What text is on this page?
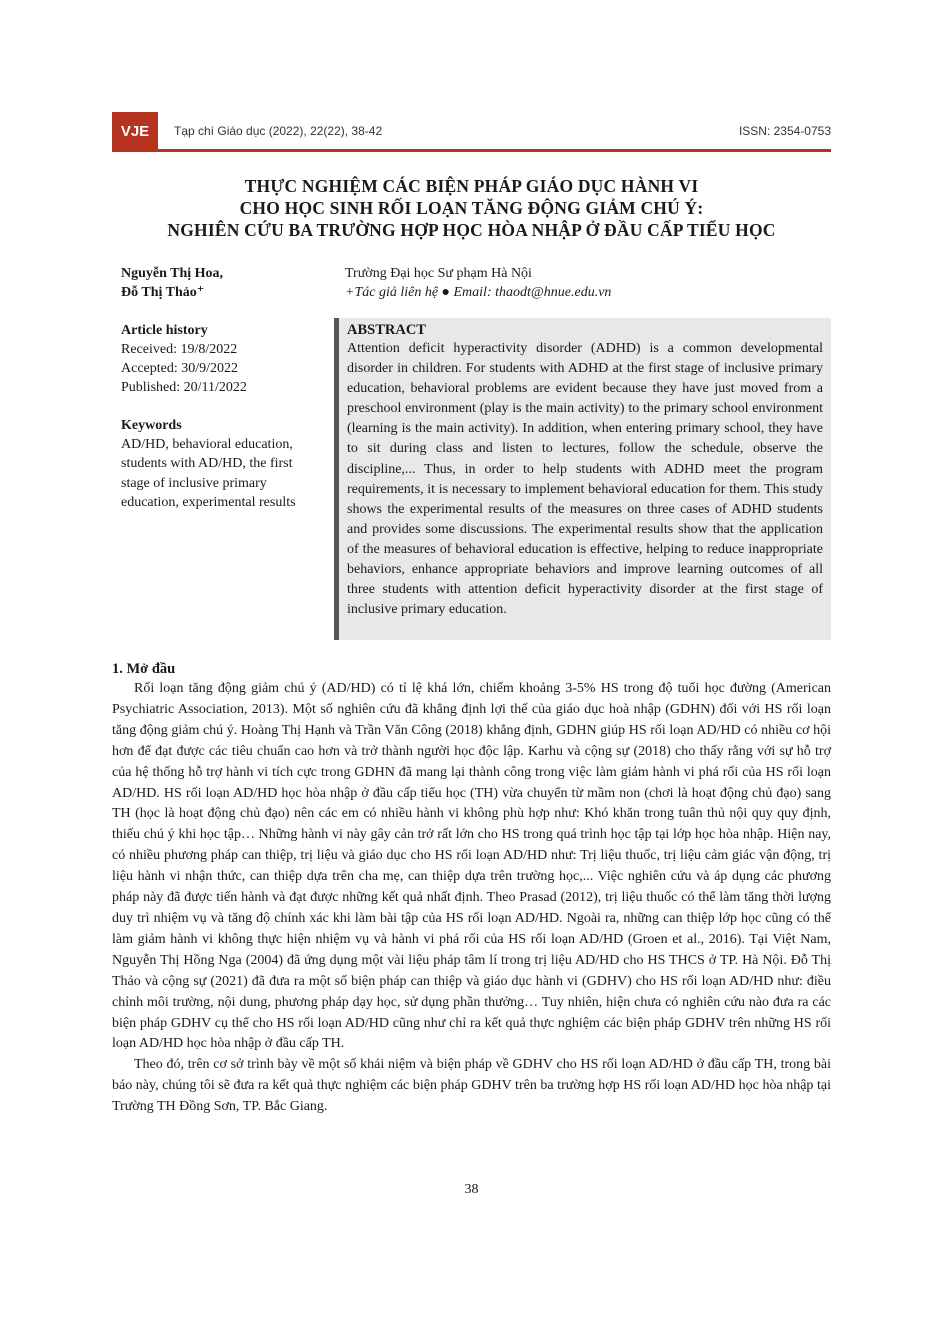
VJE	Tạp chí Giáo dục (2022), 22(22), 38-42	ISSN: 2354-0753
THỰC NGHIỆM CÁC BIỆN PHÁP GIÁO DỤC HÀNH VI
CHO HỌC SINH RỐI LOẠN TĂNG ĐỘNG GIẢM CHÚ Ý:
NGHIÊN CỨU BA TRƯỜNG HỢP HỌC HÒA NHẬP Ở ĐẦU CẤP TIỂU HỌC
Nguyễn Thị Hoa,
Đỗ Thị Thảo⁺
Trường Đại học Sư phạm Hà Nội
+Tác giả liên hệ ● Email: thaodt@hnue.edu.vn
Article history
Received: 19/8/2022
Accepted: 30/9/2022
Published: 20/11/2022
Keywords
AD/HD, behavioral education, students with AD/HD, the first stage of inclusive primary education, experimental results
ABSTRACT
Attention deficit hyperactivity disorder (ADHD) is a common developmental disorder in children. For students with ADHD at the first stage of inclusive primary education, behavioral problems are evident because they have just moved from a preschool environment (play is the main activity) to the primary school environment (learning is the main activity). In addition, when entering primary school, they have to sit during class and listen to lectures, follow the schedule, observe the discipline,... Thus, in order to help students with ADHD meet the program requirements, it is necessary to implement behavioral education for them. This study shows the experimental results of the measures on three cases of ADHD students and provides some discussions. The experimental results show that the application of the measures of behavioral education is effective, helping to reduce inappropriate behaviors, enhance appropriate behaviors and improve learning outcomes of all three students with attention deficit hyperactivity disorder at the first stage of inclusive primary education.
1. Mở đầu

Rối loạn tăng động giảm chú ý (AD/HD) có tỉ lệ khá lớn, chiếm khoảng 3-5% HS trong độ tuổi học đường (American Psychiatric Association, 2013). Một số nghiên cứu đã khẳng định lợi thế của giáo dục hoà nhập (GDHN) đối với HS rối loạn tăng động giảm chú ý. Hoàng Thị Hạnh và Trần Văn Công (2018) khẳng định, GDHN giúp HS rối loạn AD/HD có nhiều cơ hội hơn để đạt được các tiêu chuẩn cao hơn và trở thành người học độc lập. Karhu và cộng sự (2018) cho thấy rằng với sự hỗ trợ của hệ thống hỗ trợ hành vi tích cực trong GDHN đã mang lại thành công trong việc làm giảm hành vi phá rối của HS rối loạn AD/HD. HS rối loạn AD/HD học hòa nhập ở đầu cấp tiểu học (TH) vừa chuyển từ mầm non (chơi là hoạt động chủ đạo) sang TH (học là hoạt động chủ đạo) nên các em có nhiều hành vi không phù hợp như: Khó khăn trong tuân thủ nội quy quy định, thiếu chú ý khi học tập… Những hành vi này gây cản trở rất lớn cho HS trong quá trình học tập tại lớp học hòa nhập. Hiện nay, có nhiều phương pháp can thiệp, trị liệu và giáo dục cho HS rối loạn AD/HD như: Trị liệu thuốc, trị liệu cảm giác vận động, trị liệu hành vi nhận thức, can thiệp dựa trên cha mẹ, can thiệp dựa trên trường học,... Việc nghiên cứu và áp dụng các phương pháp này đã được tiến hành và đạt được những kết quả nhất định. Theo Prasad (2012), trị liệu thuốc có thể làm tăng thời lượng duy trì nhiệm vụ và tăng độ chính xác khi làm bài tập của HS rối loạn AD/HD. Ngoài ra, những can thiệp lớp học cũng có thể làm giảm hành vi không thực hiện nhiệm vụ và hành vi phá rối của HS rối loạn AD/HD (Groen et al., 2016). Tại Việt Nam, Nguyễn Thị Hồng Nga (2004) đã ứng dụng một vài liệu pháp tâm lí trong trị liệu AD/HD cho HS THCS ở TP. Hà Nội. Đỗ Thị Thảo và cộng sự (2021) đã đưa ra một số biện pháp can thiệp và giáo dục hành vi (GDHV) cho HS rối loạn AD/HD như: điều chỉnh môi trường, nội dung, phương pháp dạy học, sử dụng phần thưởng… Tuy nhiên, hiện chưa có nghiên cứu nào đưa ra các biện pháp GDHV cụ thể cho HS rối loạn AD/HD cũng như chỉ ra kết quả thực nghiệm các biện pháp GDHV trên những HS rối loạn AD/HD học hòa nhập ở đầu cấp TH.

Theo đó, trên cơ sở trình bày về một số khái niệm và biện pháp về GDHV cho HS rối loạn AD/HD ở đầu cấp TH, trong bài báo này, chúng tôi sẽ đưa ra kết quả thực nghiệm các biện pháp GDHV trên ba trường hợp HS rối loạn AD/HD học hòa nhập tại Trường TH Đồng Sơn, TP. Bắc Giang.

38
